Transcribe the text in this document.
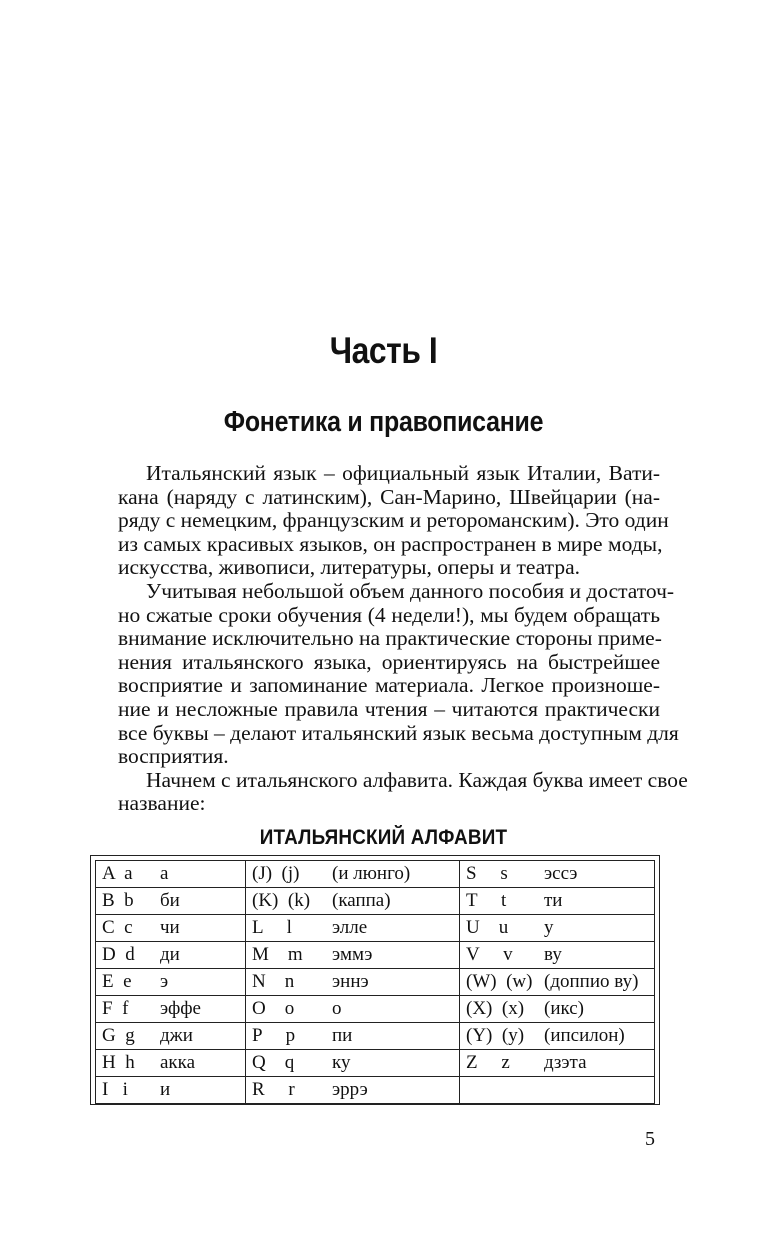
Часть I
Фонетика и правописание

Итальянский язык – официальный язык Италии, Вати-
кана (наряду с латинским), Сан-Марино, Швейцарии (на-
ряду с немецким, французским и ретороманским). Это один
из самых красивых языков, он распространен в мире моды,
искусства, живописи, литературы, оперы и театра.

Учитывая небольшой объем данного пособия и достаточ-
но сжатые сроки обучения (4 недели!), мы будем обращать
внимание исключительно на практические стороны приме-
нения итальянского языка, ориентируясь на быстрейшее
восприятие и запоминание материала. Легкое произноше-
ние и несложные правила чтения – читаются практически
все буквы – делают итальянский язык весьма доступным для
восприятия.

Начнем с итальянского алфавита. Каждая буква имеет свое
название:

ИТАЛЬЯНСКИЙ АЛФАВИТ
A  a а	(J)  (j) (и люнго)	S     s эссэ
B  b би	(K)  (k) (каппа)	T     t ти
C  c чи	L     l элле	U    u у
D  d ди	M    m эммэ	V     v ву
E  e э	N    n эннэ	(W)  (w) (доппио ву)
F  f эффе	O    o о	(X)  (x) (икс)
G  g джи	P     p пи	(Y)  (y) (ипсилон)
H  h акка	Q    q ку	Z     z дзэта
I   i и	R     r эррэ	
5
